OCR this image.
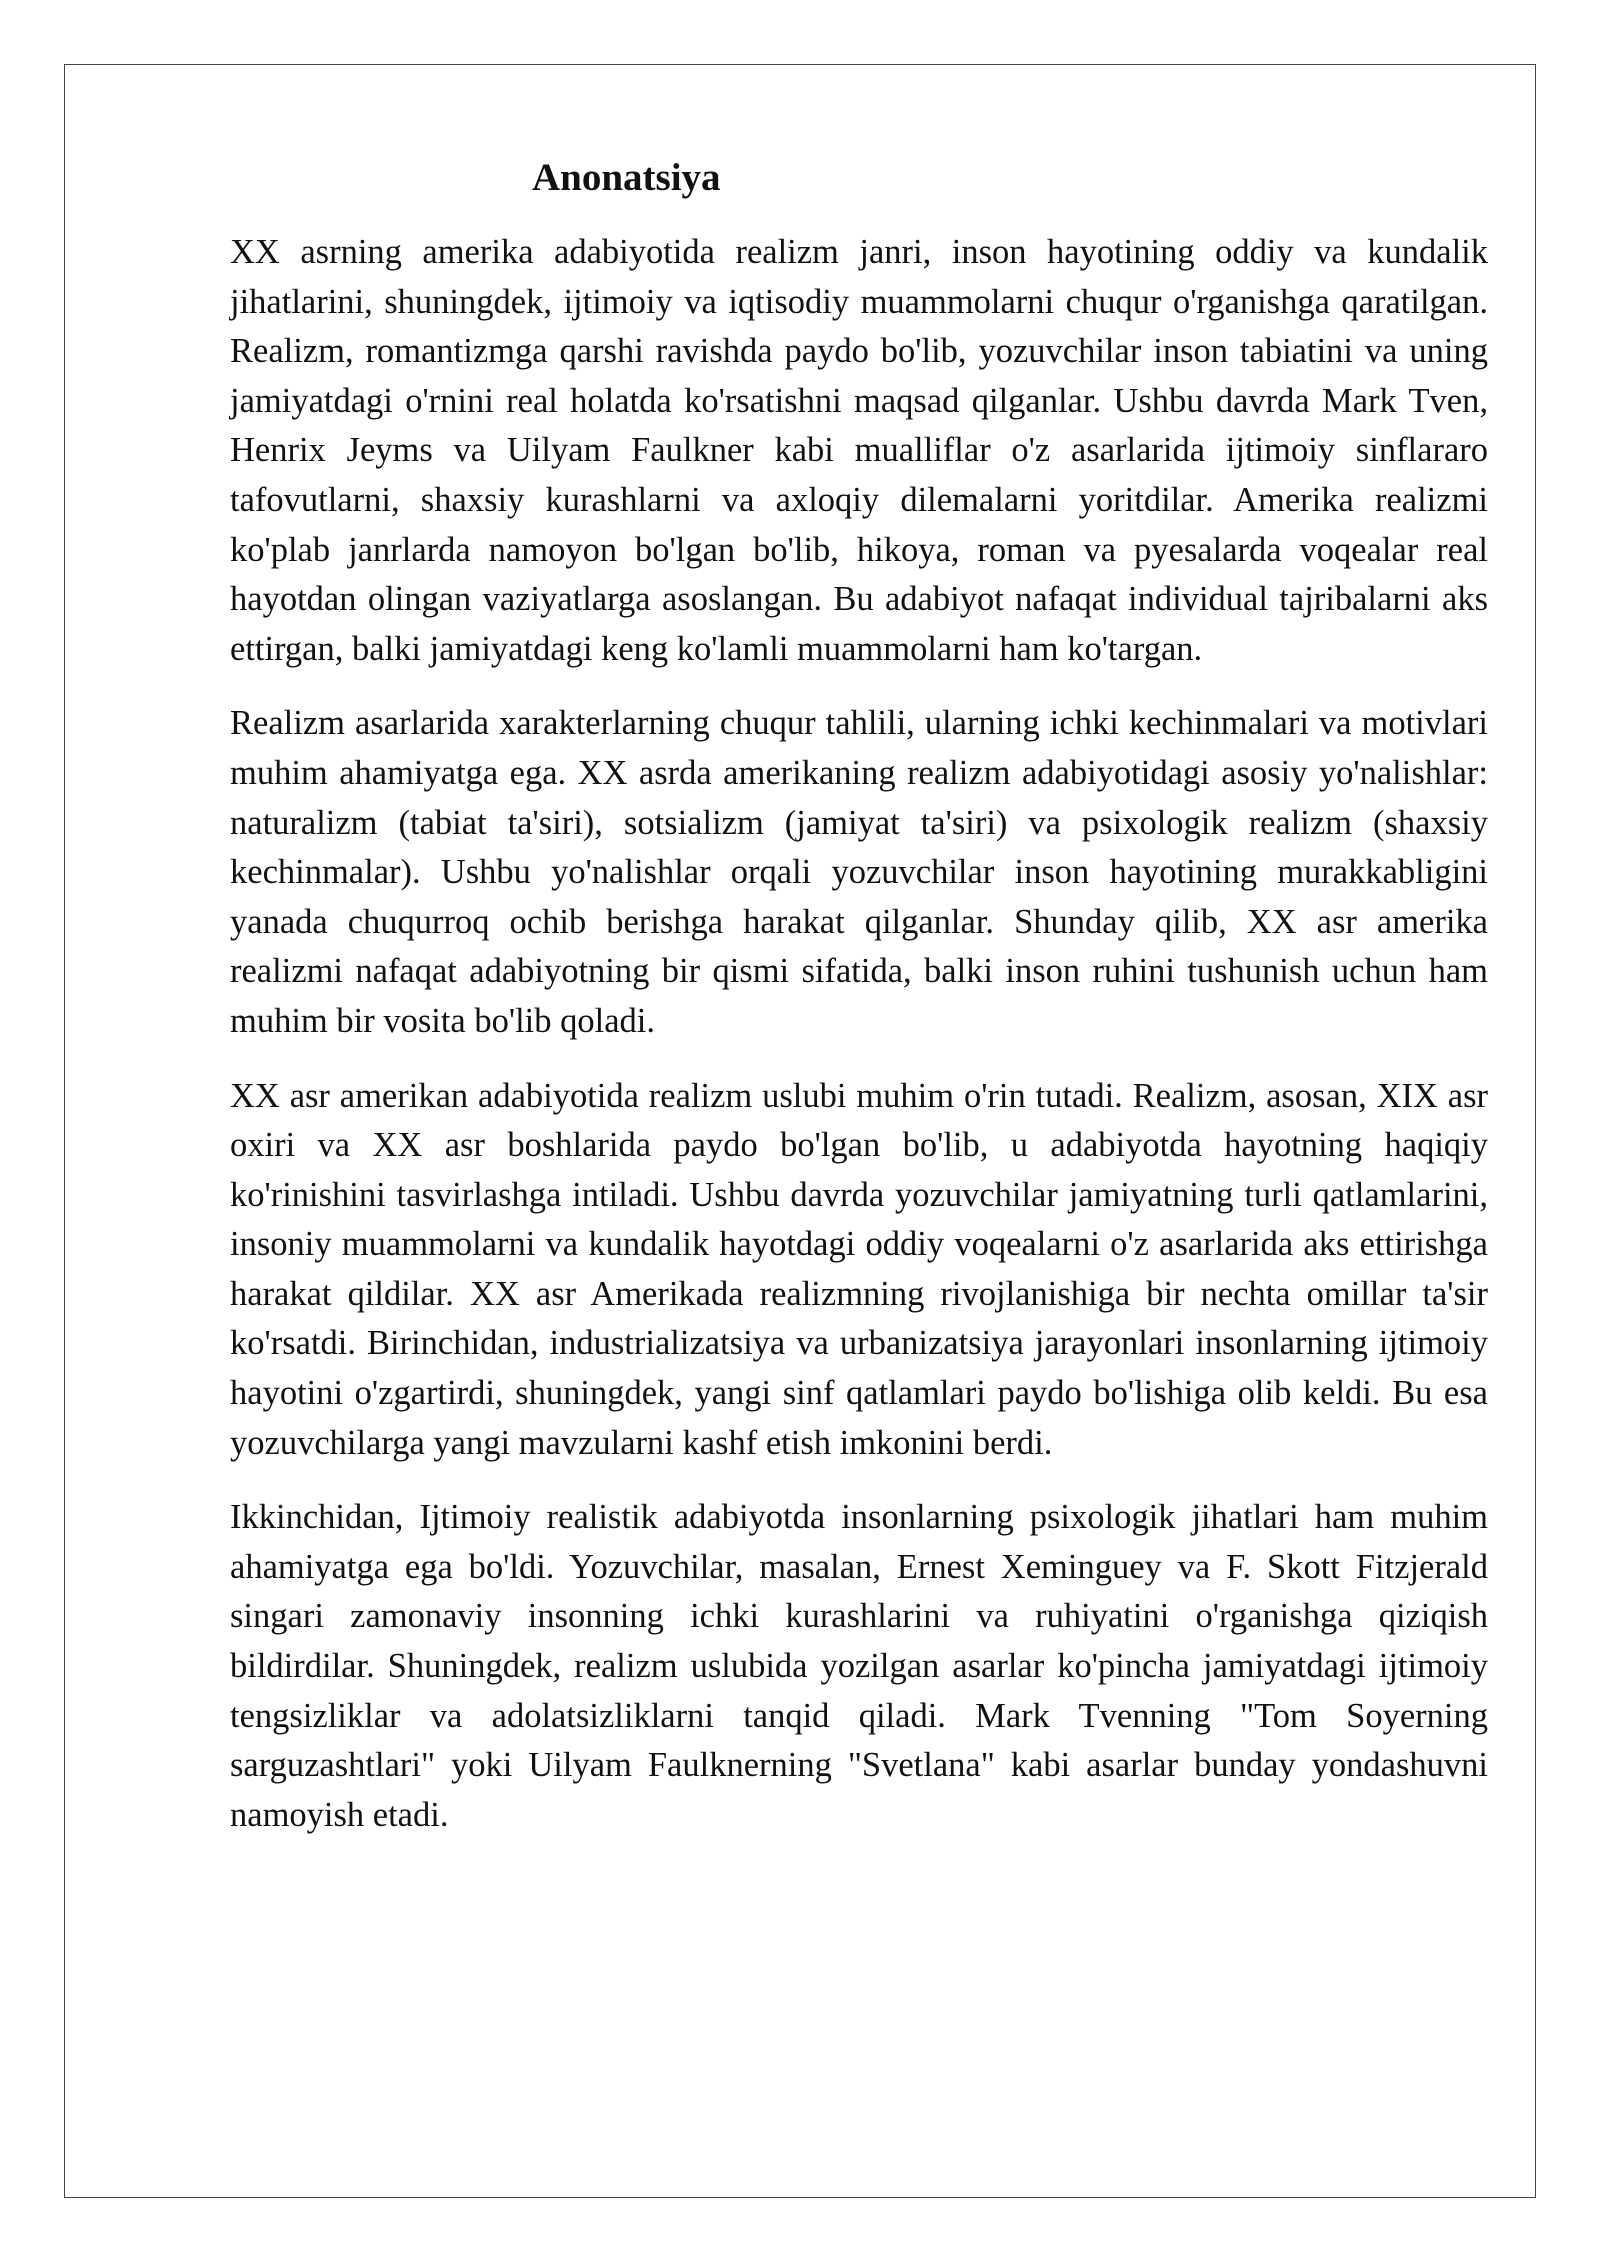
Anonatsiya

XX asrning amerika adabiyotida realizm janri, inson hayotining oddiy va kundalik jihatlarini, shuningdek, ijtimoiy va iqtisodiy muammolarni chuqur o'rganishga qaratilgan. Realizm, romantizmga qarshi ravishda paydo bo'lib, yozuvchilar inson tabiatini va uning jamiyatdagi o'rnini real holatda ko'rsatishni maqsad qilganlar. Ushbu davrda Mark Tven, Henrix Jeyms va Uilyam Faulkner kabi mualliflar o'z asarlarida ijtimoiy sinflararo tafovutlarni, shaxsiy kurashlarni va axloqiy dilemalarni yoritdilar. Amerika realizmi ko'plab janrlarda namoyon bo'lgan bo'lib, hikoya, roman va pyesalarda voqealar real hayotdan olingan vaziyatlarga asoslangan. Bu adabiyot nafaqat individual tajribalarni aks ettirgan, balki jamiyatdagi keng ko'lamli muammolarni ham ko'targan.

Realizm asarlarida xarakterlarning chuqur tahlili, ularning ichki kechinmalari va motivlari muhim ahamiyatga ega. XX asrda amerikaning realizm adabiyotidagi asosiy yo'nalishlar: naturalizm (tabiat ta'siri), sotsializm (jamiyat ta'siri) va psixologik realizm (shaxsiy kechinmalar). Ushbu yo'nalishlar orqali yozuvchilar inson hayotining murakkabligini yanada chuqurroq ochib berishga harakat qilganlar. Shunday qilib, XX asr amerika realizmi nafaqat adabiyotning bir qismi sifatida, balki inson ruhini tushunish uchun ham muhim bir vosita bo'lib qoladi.

XX asr amerikan adabiyotida realizm uslubi muhim o'rin tutadi. Realizm, asosan, XIX asr oxiri va XX asr boshlarida paydo bo'lgan bo'lib, u adabiyotda hayotning haqiqiy ko'rinishini tasvirlashga intiladi. Ushbu davrda yozuvchilar jamiyatning turli qatlamlarini, insoniy muammolarni va kundalik hayotdagi oddiy voqealarni o'z asarlarida aks ettirishga harakat qildilar. XX asr Amerikada realizmning rivojlanishiga bir nechta omillar ta'sir ko'rsatdi. Birinchidan, industrializatsiya va urbanizatsiya jarayonlari insonlarning ijtimoiy hayotini o'zgartirdi, shuningdek, yangi sinf qatlamlari paydo bo'lishiga olib keldi. Bu esa yozuvchilarga yangi mavzularni kashf etish imkonini berdi.

Ikkinchidan, Ijtimoiy realistik adabiyotda insonlarning psixologik jihatlari ham muhim ahamiyatga ega bo'ldi. Yozuvchilar, masalan, Ernest Xeminguey va F. Skott Fitzjerald singari zamonaviy insonning ichki kurashlarini va ruhiyatini o'rganishga qiziqish bildirdilar. Shuningdek, realizm uslubida yozilgan asarlar ko'pincha jamiyatdagi ijtimoiy tengsizliklar va adolatsizliklarni tanqid qiladi. Mark Tvenning "Tom Soyerning sarguzashtlari" yoki Uilyam Faulknerning "Svetlana" kabi asarlar bunday yondashuvni namoyish etadi.
